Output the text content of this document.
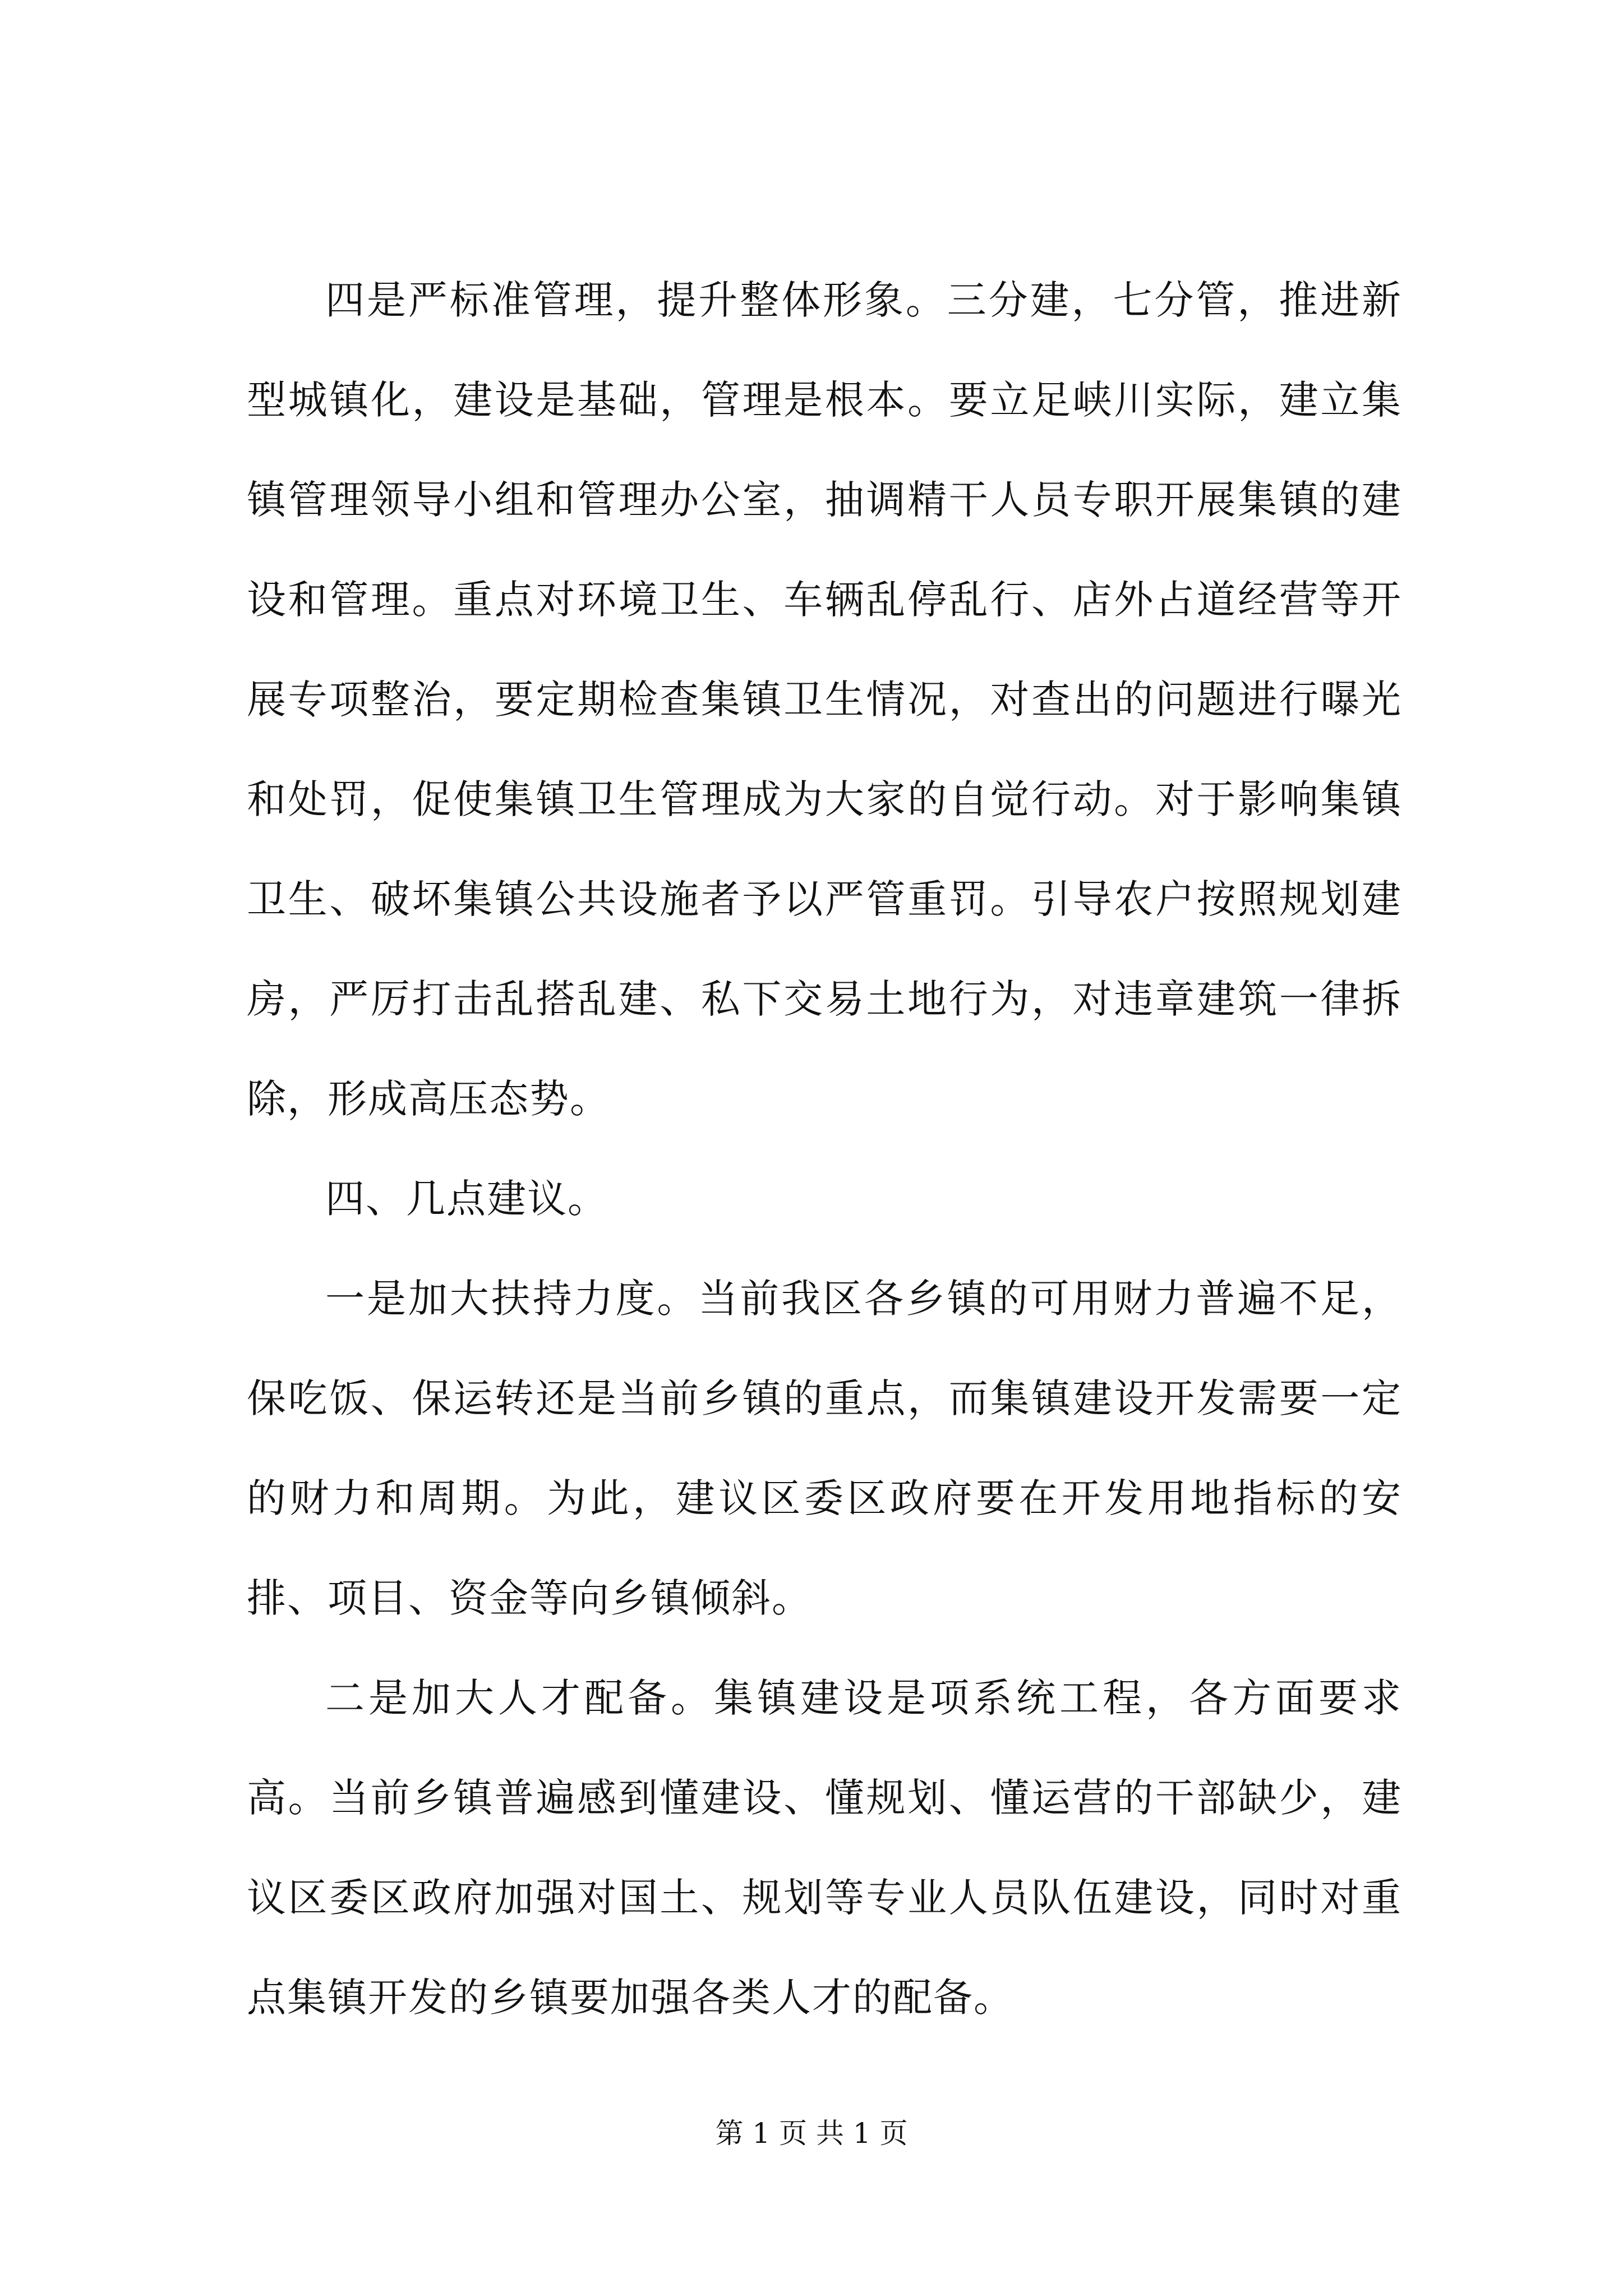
四是严标准管理，提升整体形象。三分建，七分管，推进新型城镇化，建设是基础，管理是根本。要立足峡川实际，建立集镇管理领导小组和管理办公室，抽调精干人员专职开展集镇的建设和管理。重点对环境卫生、车辆乱停乱行、店外占道经营等开展专项整治，要定期检查集镇卫生情况，对查出的问题进行曝光和处罚，促使集镇卫生管理成为大家的自觉行动。对于影响集镇卫生、破坏集镇公共设施者予以严管重罚。引导农户按照规划建房，严厉打击乱搭乱建、私下交易土地行为，对违章建筑一律拆除，形成高压态势。

四、几点建议。

一是加大扶持力度。当前我区各乡镇的可用财力普遍不足，保吃饭、保运转还是当前乡镇的重点，而集镇建设开发需要一定的财力和周期。为此，建议区委区政府要在开发用地指标的安排、项目、资金等向乡镇倾斜。

二是加大人才配备。集镇建设是项系统工程，各方面要求高。当前乡镇普遍感到懂建设、懂规划、懂运营的干部缺少，建议区委区政府加强对国土、规划等专业人员队伍建设，同时对重点集镇开发的乡镇要加强各类人才的配备。

第 1 页 共 1 页
